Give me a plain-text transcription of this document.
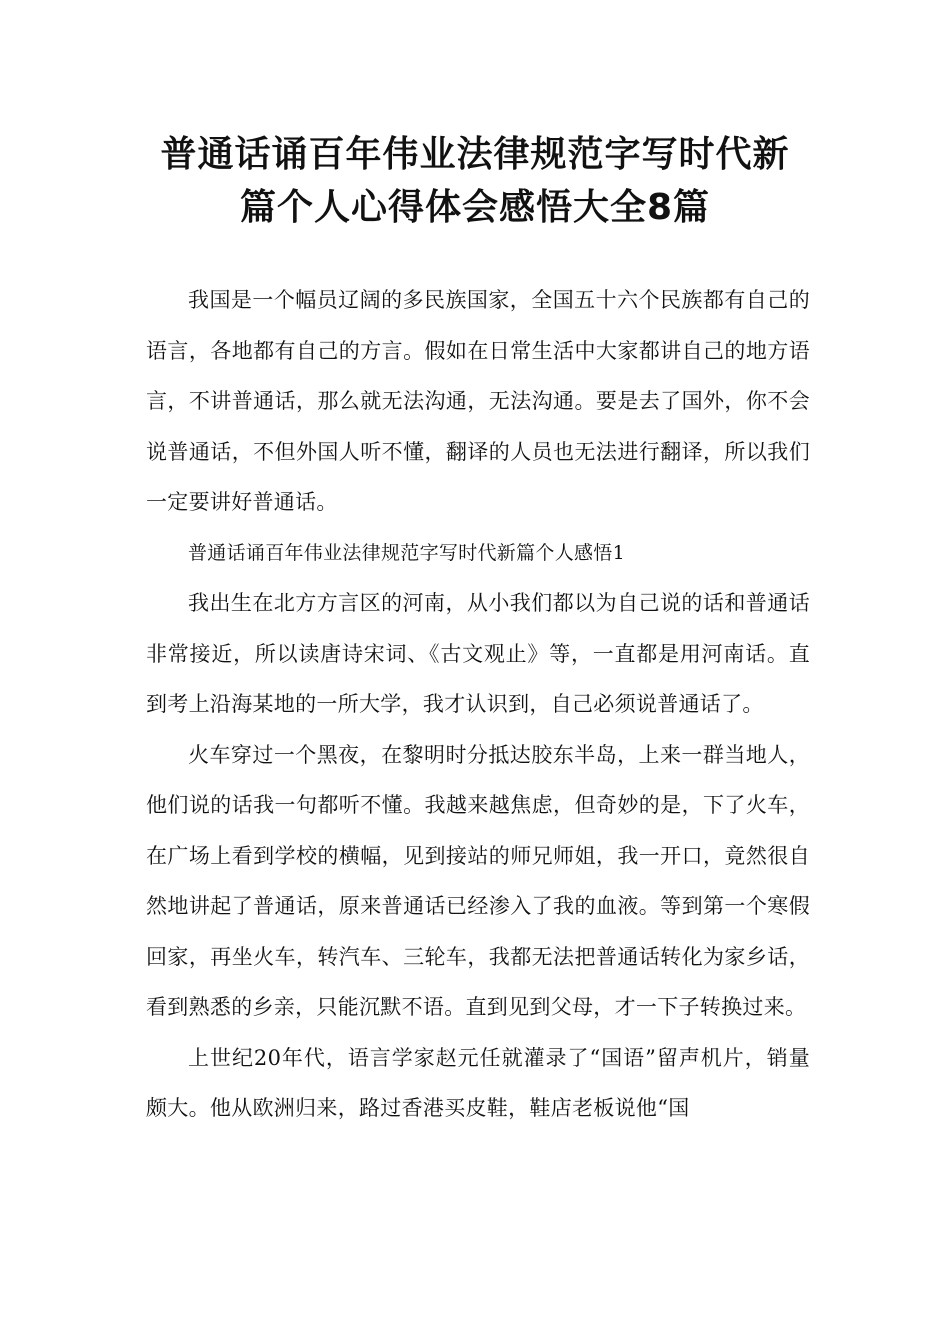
普通话诵百年伟业法律规范字写时代新
篇个人心得体会感悟大全8篇

我国是一个幅员辽阔的多民族国家，全国五十六个民族都有自己的语言，各地都有自己的方言。假如在日常生活中大家都讲自己的地方语言，不讲普通话，那么就无法沟通，无法沟通。要是去了国外，你不会说普通话，不但外国人听不懂，翻译的人员也无法进行翻译，所以我们一定要讲好普通话。

普通话诵百年伟业法律规范字写时代新篇个人感悟1

我出生在北方方言区的河南，从小我们都以为自己说的话和普通话非常接近，所以读唐诗宋词、《古文观止》等，一直都是用河南话。直到考上沿海某地的一所大学，我才认识到，自己必须说普通话了。

火车穿过一个黑夜，在黎明时分抵达胶东半岛，上来一群当地人，他们说的话我一句都听不懂。我越来越焦虑，但奇妙的是，下了火车，在广场上看到学校的横幅，见到接站的师兄师姐，我一开口，竟然很自然地讲起了普通话，原来普通话已经渗入了我的血液。等到第一个寒假回家，再坐火车，转汽车、三轮车，我都无法把普通话转化为家乡话，看到熟悉的乡亲，只能沉默不语。直到见到父母，才一下子转换过来。

上世纪20年代，语言学家赵元任就灌录了“国语”留声机片，销量颇大。他从欧洲归来，路过香港买皮鞋，鞋店老板说他“国
